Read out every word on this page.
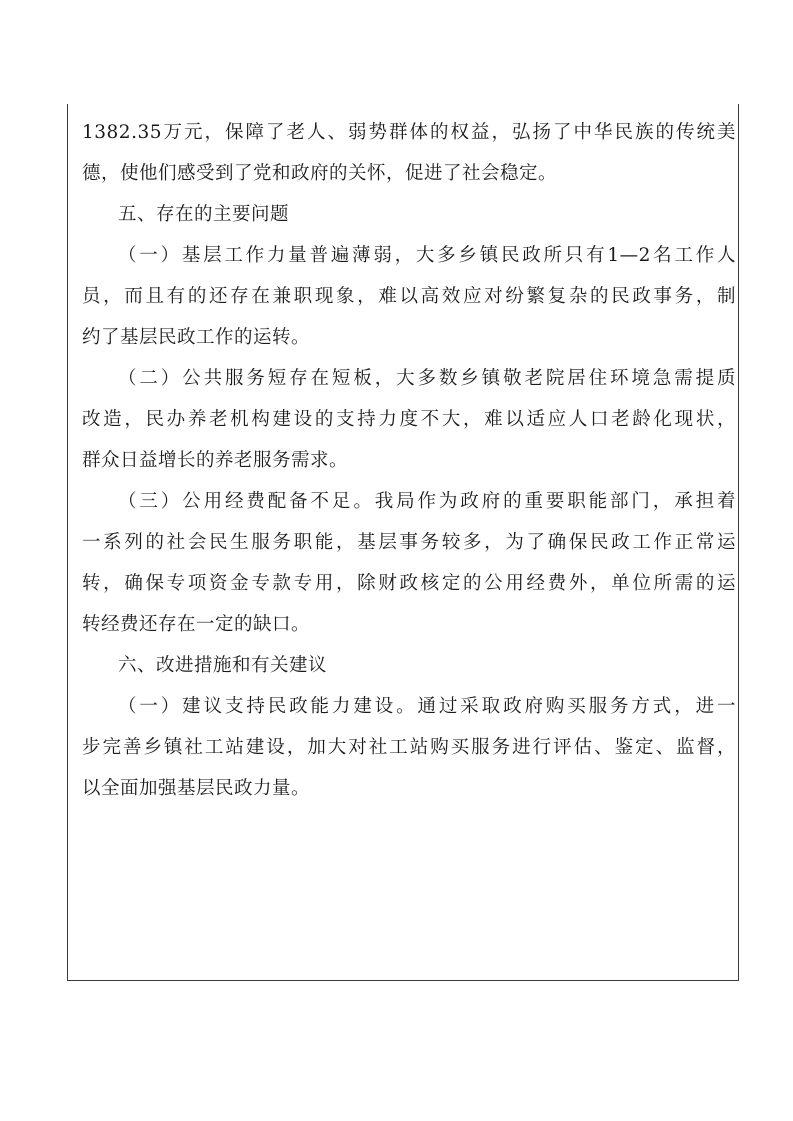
1382.35万元，保障了老人、弱势群体的权益，弘扬了中华民族的传统美
德，使他们感受到了党和政府的关怀，促进了社会稳定。
五、存在的主要问题
（一）基层工作力量普遍薄弱，大多乡镇民政所只有1—2名工作人
员，而且有的还存在兼职现象，难以高效应对纷繁复杂的民政事务，制
约了基层民政工作的运转。
（二）公共服务短存在短板，大多数乡镇敬老院居住环境急需提质
改造，民办养老机构建设的支持力度不大，难以适应人口老龄化现状，
群众日益增长的养老服务需求。
（三）公用经费配备不足。我局作为政府的重要职能部门，承担着
一系列的社会民生服务职能，基层事务较多，为了确保民政工作正常运
转，确保专项资金专款专用，除财政核定的公用经费外，单位所需的运
转经费还存在一定的缺口。
六、改进措施和有关建议
（一）建议支持民政能力建设。通过采取政府购买服务方式，进一
步完善乡镇社工站建设，加大对社工站购买服务进行评估、鉴定、监督，
以全面加强基层民政力量。
